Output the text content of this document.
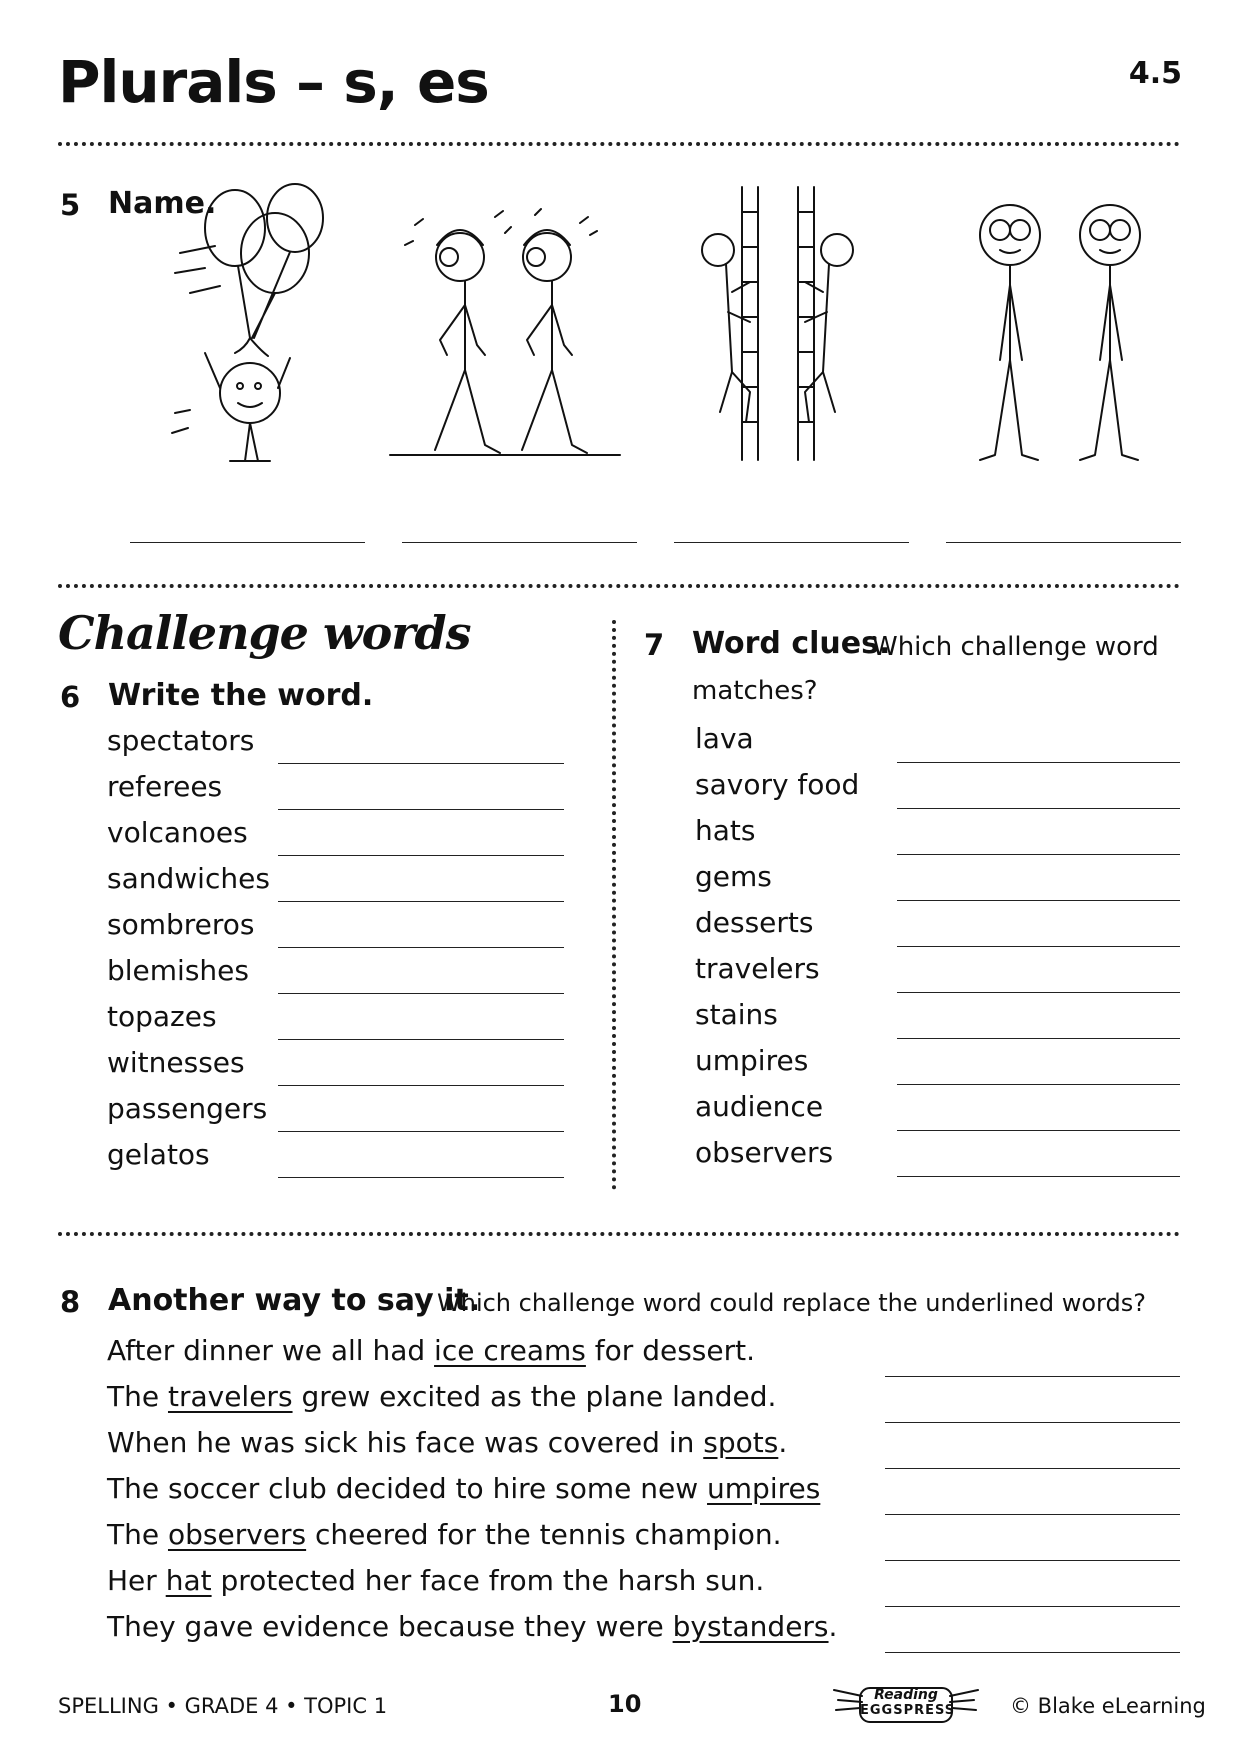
Plurals – s, es	4.5
5 Name.
Challenge words
6 Write the word.
spectators
referees
volcanoes
sandwiches
sombreros
blemishes
topazes
witnesses
passengers
gelatos
7 Word clues.
Which challenge word
matches?
lava
savory food
hats
gems
desserts
travelers
stains
umpires
audience
observers
8 Another way to say it.
Which challenge word could replace the underlined words?
After dinner we all had ice creams for dessert.
The travelers grew excited as the plane landed.
When he was sick his face was covered in spots.
The soccer club decided to hire some new umpires
The observers cheered for the tennis champion.
Her hat protected her face from the harsh sun.
They gave evidence because they were bystanders.
SPELLING • GRADE 4 • TOPIC 1	10	Reading
EGGSPRESS	© Blake eLearning
